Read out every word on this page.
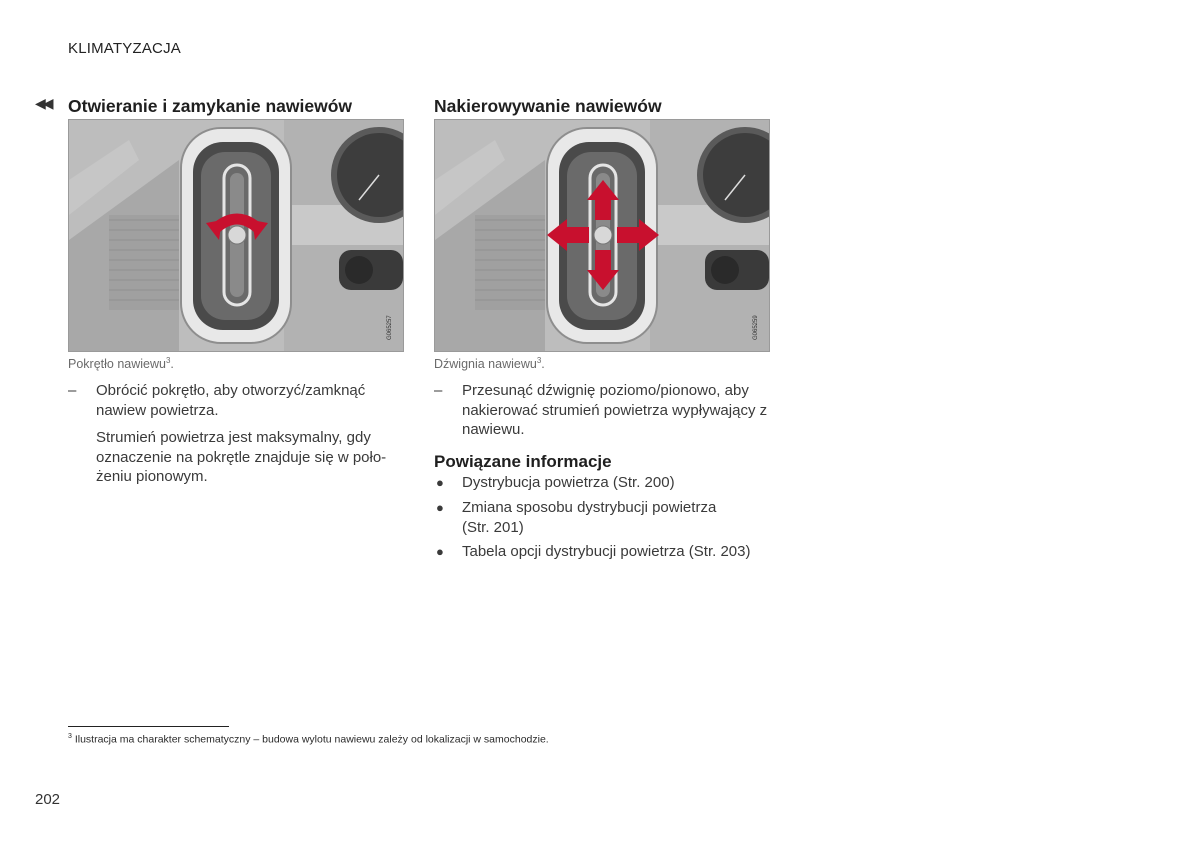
KLIMATYZACJA
◀◀ Otwieranie i zamykanie nawiewów
G065257
Pokrętło nawiewu$^3$.
– Obrócić pokrętło, aby otworzyć/zamknąć nawiew powietrza.
Strumień powietrza jest maksymalny, gdy oznaczenie na pokrętle znajduje się w poło-żeniu pionowym.
Nakierowywanie nawiewów
G065259
Dźwignia nawiewu$^3$.
– Przesunąć dźwignię poziomo/pionowo, aby nakierować strumień powietrza wypływający z nawiewu.
Powiązane informacje
● Dystrybucja powietrza (Str. 200)
● Zmiana sposobu dystrybucji powietrza (Str. 201)
● Tabela opcji dystrybucji powietrza (Str. 203)
$^3$ Ilustracja ma charakter schematyczny – budowa wylotu nawiewu zależy od lokalizacji w samochodzie.
202
